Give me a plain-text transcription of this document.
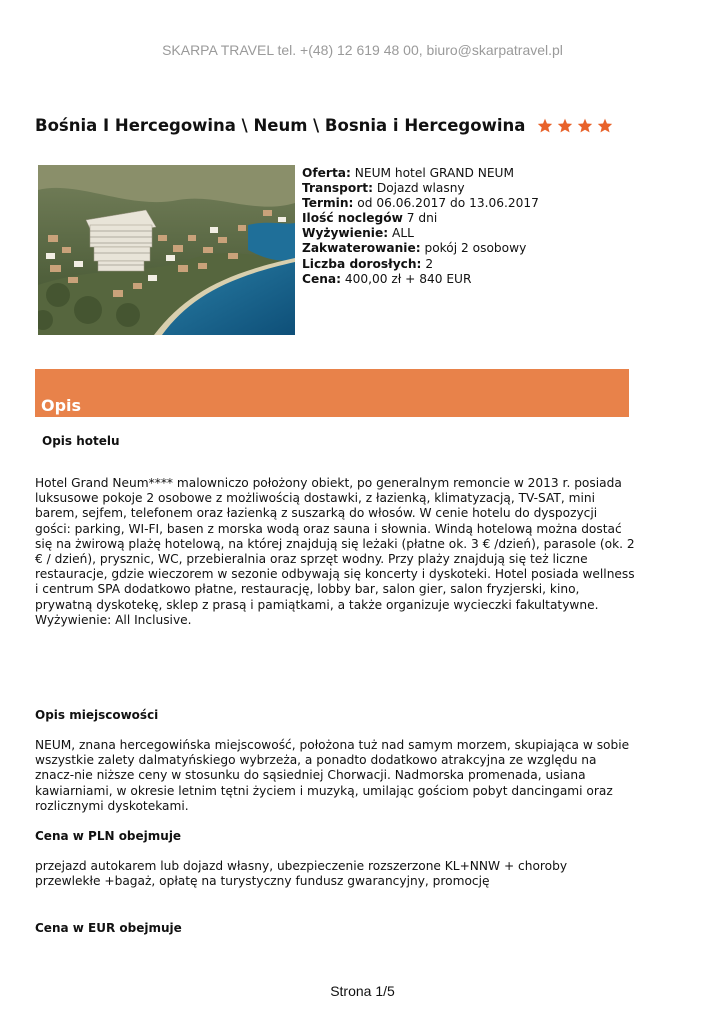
SKARPA TRAVEL tel. +(48) 12 619 48 00, biuro@skarpatravel.pl
Bośnia I Hercegowina \ Neum \ Bosnia i Hercegowina
Oferta: NEUM hotel GRAND NEUM
Transport: Dojazd wlasny
Termin: od 06.06.2017 do 13.06.2017
Ilość noclegów 7 dni
Wyżywienie: ALL
Zakwaterowanie: pokój 2 osobowy
Liczba dorosłych: 2
Cena: 400,00 zł + 840 EUR
Opis
Opis hotelu
Hotel Grand Neum**** malowniczo położony obiekt, po generalnym remoncie w 2013 r. posiada luksusowe pokoje 2 osobowe z możliwością dostawki, z łazienką, klimatyzacją, TV-SAT, mini barem, sejfem, telefonem oraz łazienką z suszarką do włosów. W cenie hotelu do dyspozycji gości: parking, WI-FI, basen z morska wodą oraz sauna i słownia. Windą hotelową można dostać się na żwirową plażę hotelową, na której znajdują się leżaki (płatne ok. 3 € /dzień), parasole (ok. 2 € / dzień), prysznic, WC, przebieralnia oraz sprzęt wodny. Przy plaży znajdują się też liczne restauracje, gdzie wieczorem w sezonie odbywają się koncerty i dyskoteki. Hotel posiada wellness i centrum SPA dodatkowo płatne, restaurację, lobby bar, salon gier, salon fryzjerski, kino, prywatną dyskotekę, sklep z prasą i pamiątkami, a także organizuje wycieczki fakultatywne. Wyżywienie: All Inclusive.
Opis miejscowości
NEUM, znana hercegowińska miejscowość, położona tuż nad samym morzem, skupiająca w sobie wszystkie zalety dalmatyńskiego wybrzeża, a ponadto dodatkowo atrakcyjna ze względu na znacz-nie niższe ceny w stosunku do sąsiedniej Chorwacji. Nadmorska promenada, usiana kawiarniami, w okresie letnim tętni życiem i muzyką, umilając gościom pobyt dancingami oraz rozlicznymi dyskotekami.
Cena w PLN obejmuje
przejazd autokarem lub dojazd własny, ubezpieczenie rozszerzone KL+NNW + choroby przewlekłe +bagaż, opłatę na turystyczny fundusz gwarancyjny, promocję
Cena w EUR obejmuje
Strona 1/5
